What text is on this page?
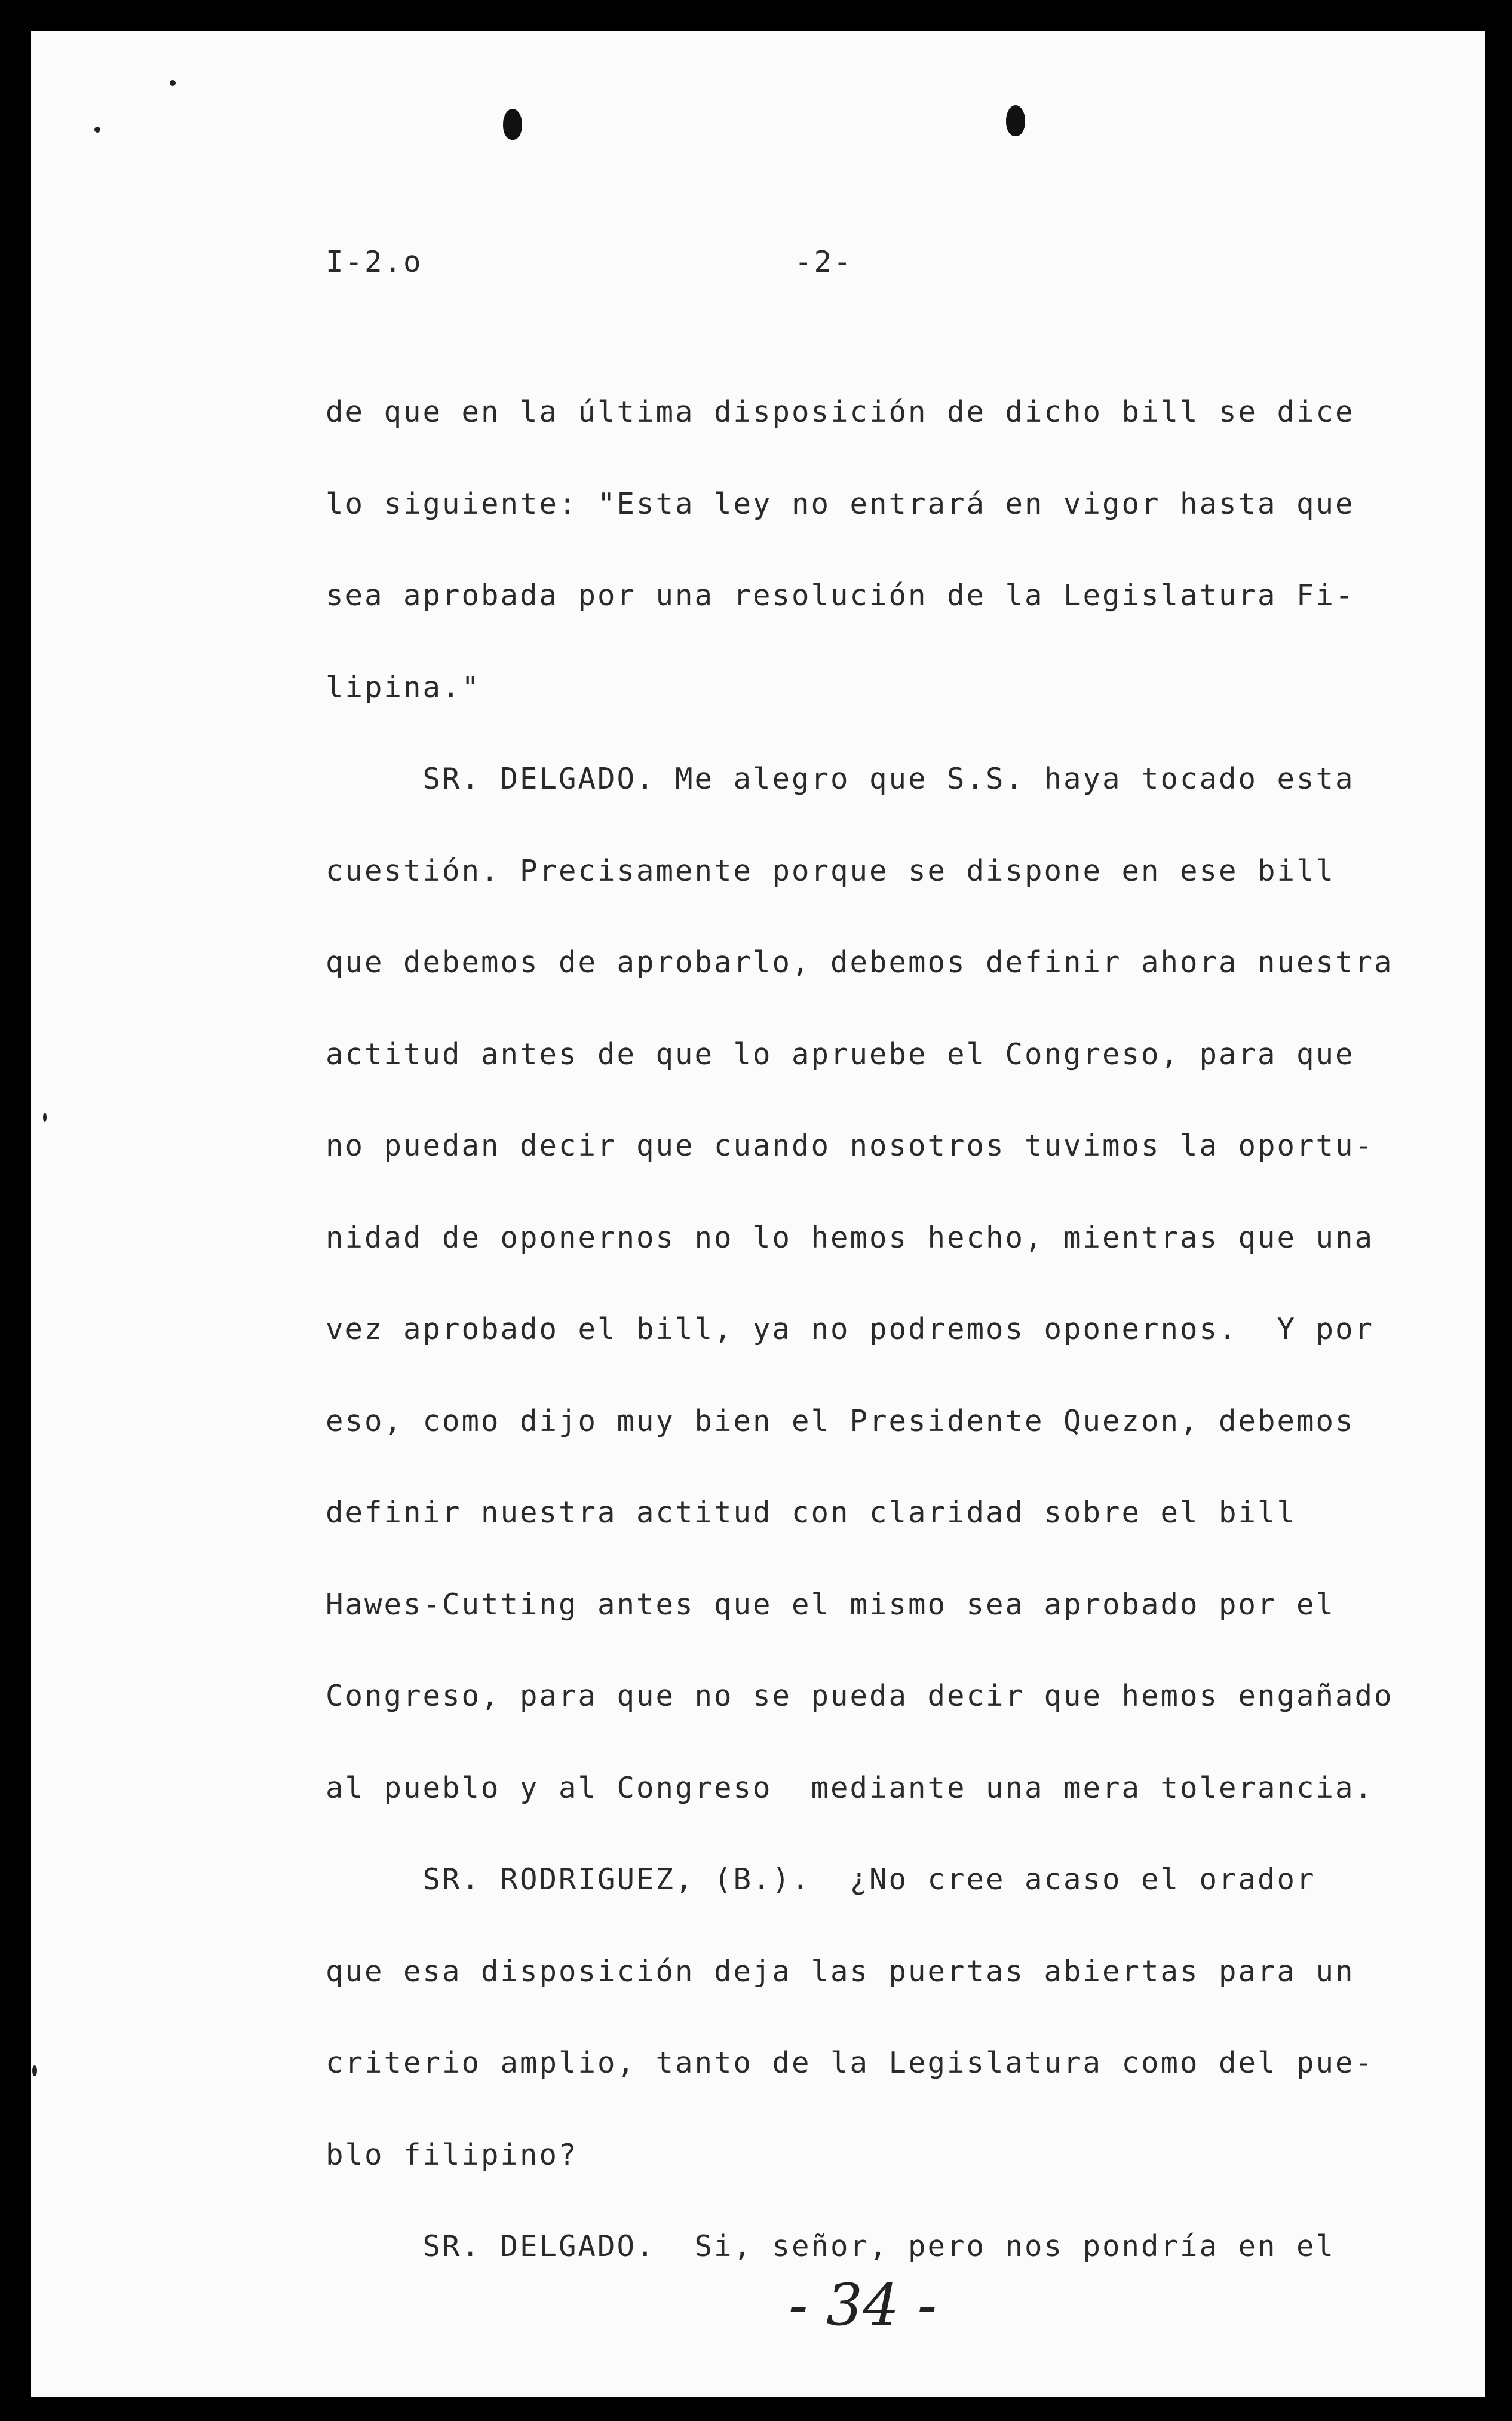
I-2.o	-2-
de que en la última disposición de dicho bill se dice
lo siguiente: "Esta ley no entrará en vigor hasta que
sea aprobada por una resolución de la Legislatura Fi-
lipina."
SR. DELGADO. Me alegro que S.S. haya tocado esta
cuestión. Precisamente porque se dispone en ese bill
que debemos de aprobarlo, debemos definir ahora nuestra
actitud antes de que lo apruebe el Congreso, para que
no puedan decir que cuando nosotros tuvimos la oportu-
nidad de oponernos no lo hemos hecho, mientras que una
vez aprobado el bill, ya no podremos oponernos.  Y por
eso, como dijo muy bien el Presidente Quezon, debemos
definir nuestra actitud con claridad sobre el bill
Hawes-Cutting antes que el mismo sea aprobado por el
Congreso, para que no se pueda decir que hemos engañado
al pueblo y al Congreso  mediante una mera tolerancia.
SR. RODRIGUEZ, (B.).  ¿No cree acaso el orador
que esa disposición deja las puertas abiertas para un
criterio amplio, tanto de la Legislatura como del pue-
blo filipino?
SR. DELGADO.  Si, señor, pero nos pondría en el
- 34 -
